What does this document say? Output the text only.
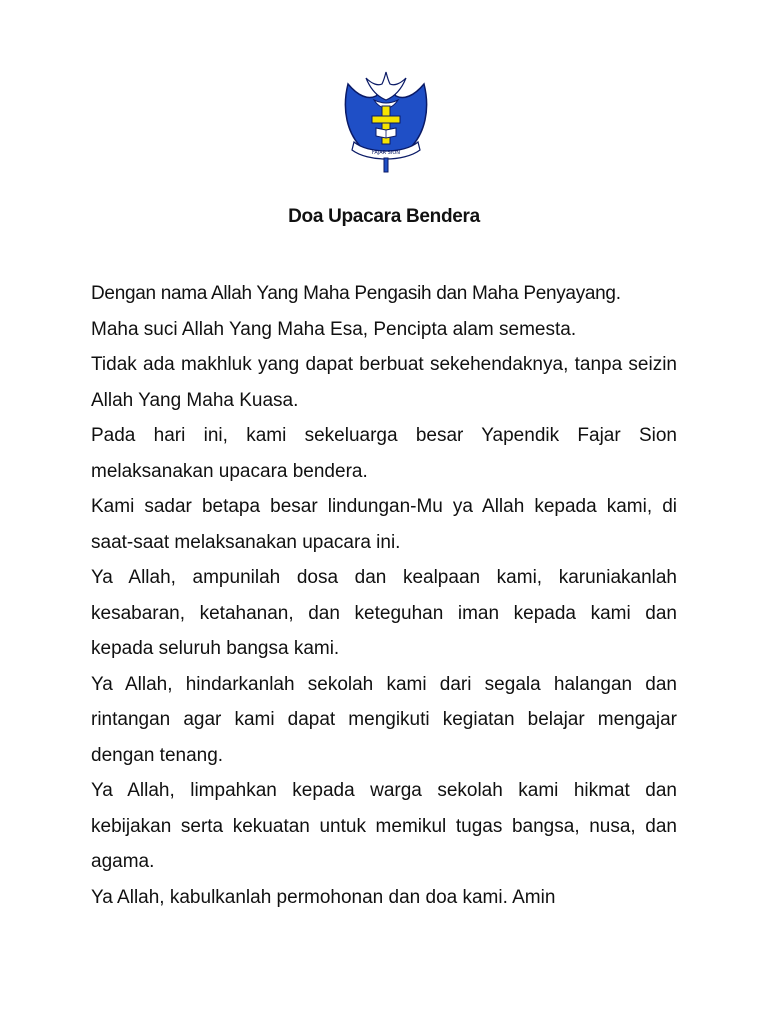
FAJAR SION
Doa Upacara Bendera

Dengan nama Allah Yang Maha Pengasih dan Maha Penyayang.

Maha suci Allah Yang Maha Esa, Pencipta alam semesta.

Tidak ada makhluk yang dapat berbuat sekehendaknya, tanpa seizin Allah Yang Maha Kuasa.

Pada hari ini, kami sekeluarga besar Yapendik Fajar Sion melaksanakan upacara bendera.

Kami sadar betapa besar lindungan-Mu ya Allah kepada kami, di saat-saat melaksanakan upacara ini.

Ya Allah, ampunilah dosa dan kealpaan kami, karuniakanlah kesabaran, ketahanan, dan keteguhan iman kepada kami dan kepada seluruh bangsa kami.

Ya Allah, hindarkanlah sekolah kami dari segala halangan dan rintangan agar kami dapat mengikuti kegiatan belajar mengajar dengan tenang.

Ya Allah, limpahkan kepada warga sekolah kami hikmat dan kebijakan serta kekuatan untuk memikul tugas bangsa, nusa, dan agama.

Ya Allah, kabulkanlah permohonan dan doa kami. Amin
